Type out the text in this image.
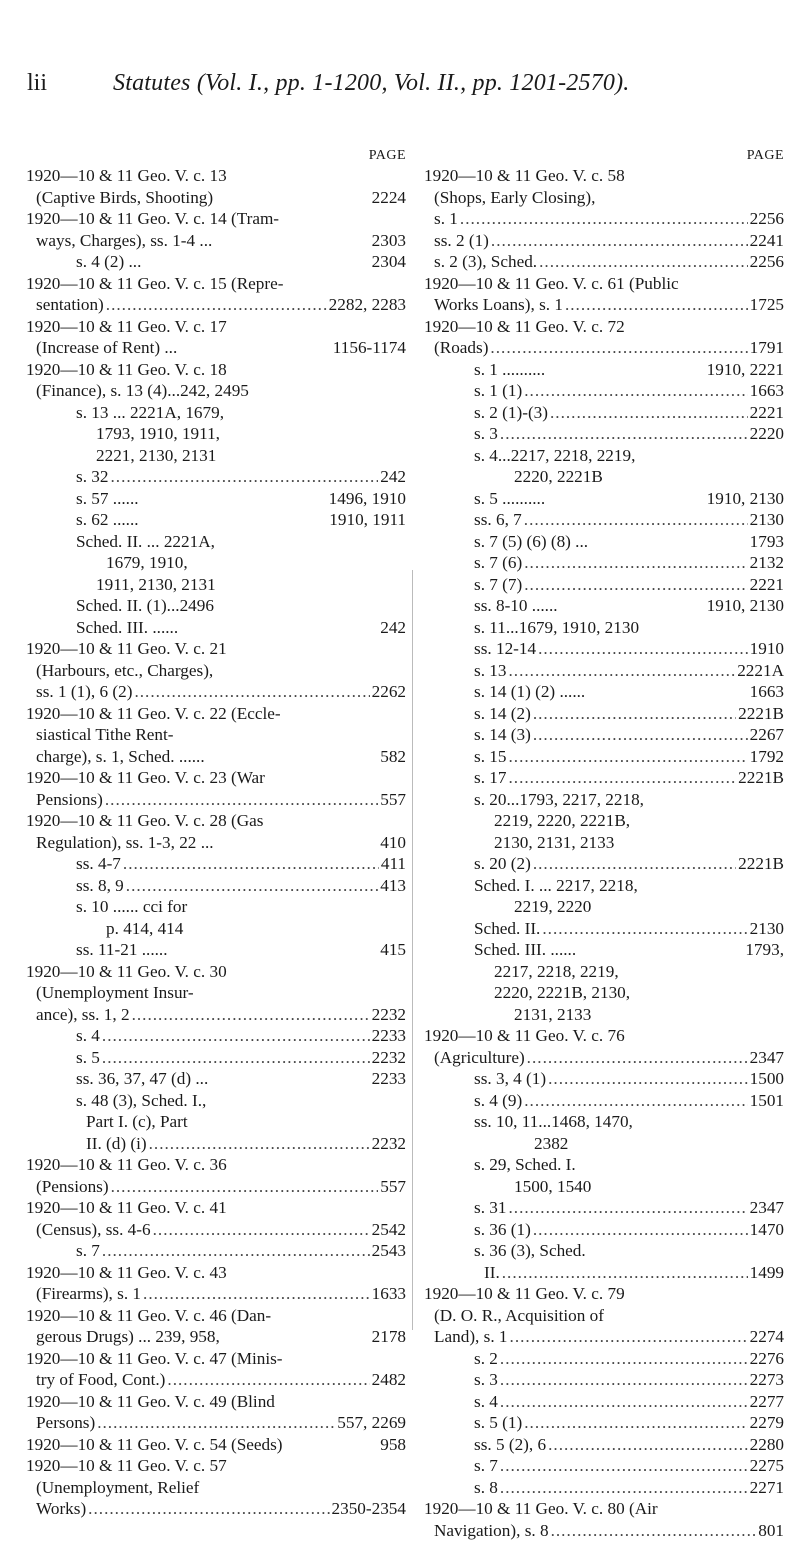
lii	Statutes (Vol. I., pp. 1-1200, Vol. II., pp. 1201-2570).
PAGE
1920—10 & 11 Geo. V. c. 13
(Captive Birds, Shooting)	2224
1920—10 & 11 Geo. V. c. 14 (Tram-
ways, Charges), ss. 1-4 ...	2303
s. 4 (2) ...	2304
1920—10 & 11 Geo. V. c. 15 (Repre-
sentation) .....	2282, 2283
1920—10 & 11 Geo. V. c. 17
(Increase of Rent) ...	1156-1174
1920—10 & 11 Geo. V. c. 18
(Finance), s. 13 (4)...242, 2495
s. 13 ... 2221A, 1679,
1793, 1910, 1911,
2221, 2130, 2131
s. 32 .....	242
s. 57 ......	1496, 1910
s. 62 ......	1910, 1911
Sched. II. ... 2221A,
1679, 1910,
1911, 2130, 2131
Sched. II. (1)...2496
Sched. III. ......	242
1920—10 & 11 Geo. V. c. 21
(Harbours, etc., Charges),
ss. 1 (1), 6 (2) .....	2262
1920—10 & 11 Geo. V. c. 22 (Eccle-
siastical Tithe Rent-
charge), s. 1, Sched. ......	582
1920—10 & 11 Geo. V. c. 23 (War
Pensions) .....	557
1920—10 & 11 Geo. V. c. 28 (Gas
Regulation), ss. 1-3, 22 ...	410
ss. 4-7 .....	411
ss. 8, 9 .....	413
s. 10 ...... cci for
p. 414, 414
ss. 11-21 ......	415
1920—10 & 11 Geo. V. c. 30
(Unemployment Insur-
ance), ss. 1, 2 .....	2232
s. 4 .....	2233
s. 5 .....	2232
ss. 36, 37, 47 (d) ...	2233
s. 48 (3), Sched. I.,
Part I. (c), Part
II. (d) (i) .....	2232
1920—10 & 11 Geo. V. c. 36
(Pensions) .....	557
1920—10 & 11 Geo. V. c. 41
(Census), ss. 4-6 .....	2542
s. 7 .....	2543
1920—10 & 11 Geo. V. c. 43
(Firearms), s. 1 .....	1633
1920—10 & 11 Geo. V. c. 46 (Dan-
gerous Drugs) ... 239, 958,	2178
1920—10 & 11 Geo. V. c. 47 (Minis-
try of Food, Cont.) .....	2482
1920—10 & 11 Geo. V. c. 49 (Blind
Persons) .....	557, 2269
1920—10 & 11 Geo. V. c. 54 (Seeds)	958
1920—10 & 11 Geo. V. c. 57
(Unemployment, Relief
Works) .....	2350-2354
PAGE
1920—10 & 11 Geo. V. c. 58
(Shops, Early Closing),
s. 1 .....	2256
ss. 2 (1) .....	2241
s. 2 (3), Sched. .....	2256
1920—10 & 11 Geo. V. c. 61 (Public
Works Loans), s. 1 .....	1725
1920—10 & 11 Geo. V. c. 72
(Roads) .....	1791
s. 1 ..........	1910, 2221
s. 1 (1) .....	1663
s. 2 (1)-(3) .....	2221
s. 3 .....	2220
s. 4...2217, 2218, 2219,
2220, 2221B
s. 5 ..........	1910, 2130
ss. 6, 7 .....	2130
s. 7 (5) (6) (8) ...	1793
s. 7 (6) .....	2132
s. 7 (7) .....	2221
ss. 8-10 ......	1910, 2130
s. 11...1679, 1910, 2130
ss. 12-14 .....	1910
s. 13 .....	2221A
s. 14 (1) (2) ......	1663
s. 14 (2) .....	2221B
s. 14 (3) .....	2267
s. 15 .....	1792
s. 17 .....	2221B
s. 20...1793, 2217, 2218,
2219, 2220, 2221B,
2130, 2131, 2133
s. 20 (2) .....	2221B
Sched. I. ... 2217, 2218,
2219, 2220
Sched. II. .....	2130
Sched. III. ......	1793,
2217, 2218, 2219,
2220, 2221B, 2130,
2131, 2133
1920—10 & 11 Geo. V. c. 76
(Agriculture) .....	2347
ss. 3, 4 (1) .....	1500
s. 4 (9) .....	1501
ss. 10, 11...1468, 1470,
2382
s. 29, Sched. I.
1500, 1540
s. 31 .....	2347
s. 36 (1) .....	1470
s. 36 (3), Sched.
II. .....	1499
1920—10 & 11 Geo. V. c. 79
(D. O. R., Acquisition of
Land), s. 1 .....	2274
s. 2 .....	2276
s. 3 .....	2273
s. 4 .....	2277
s. 5 (1) .....	2279
ss. 5 (2), 6 .....	2280
s. 7 .....	2275
s. 8 .....	2271
1920—10 & 11 Geo. V. c. 80 (Air
Navigation), s. 8 .....	801
